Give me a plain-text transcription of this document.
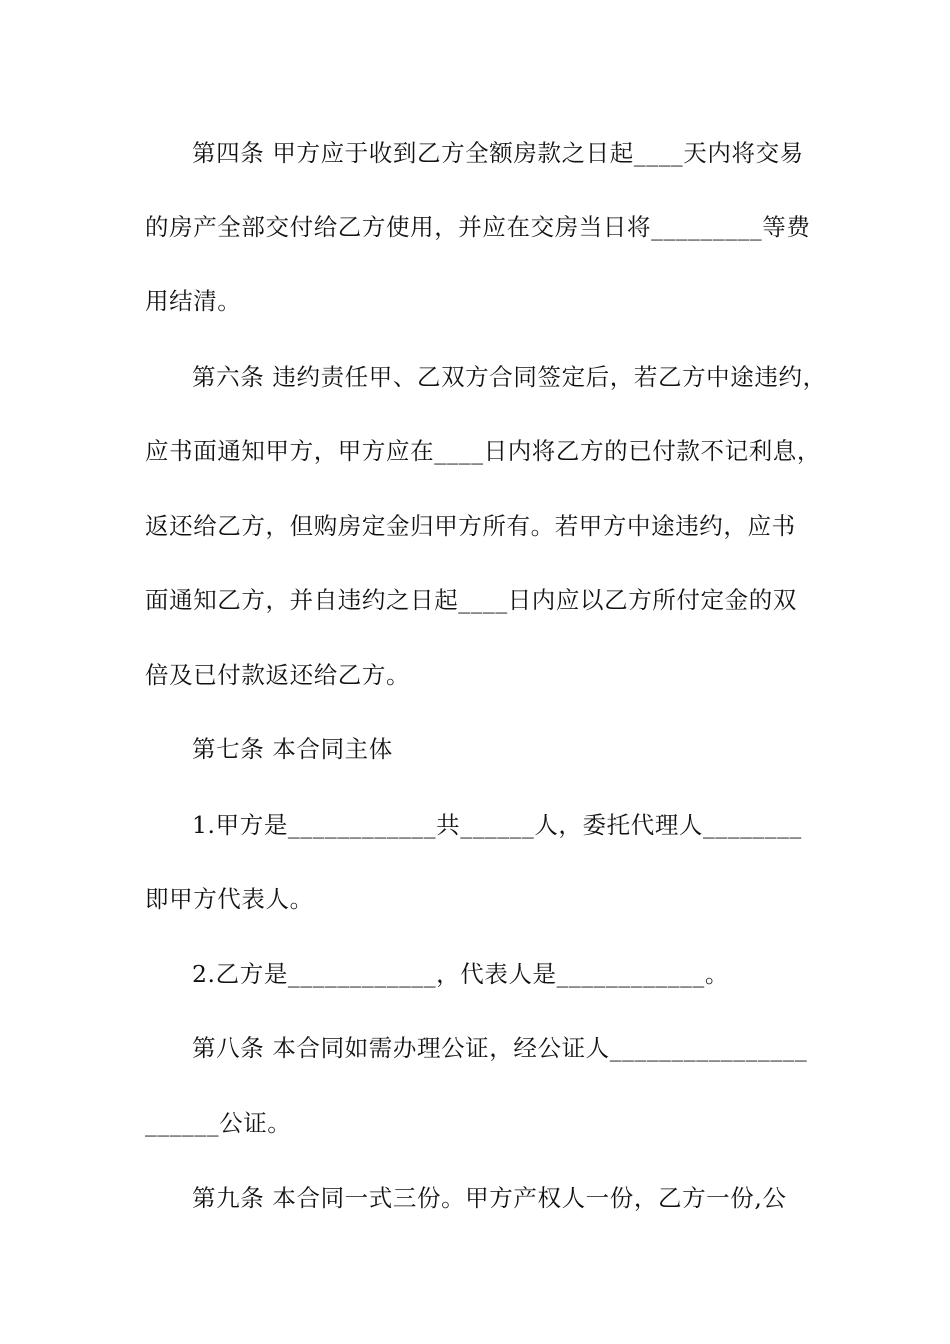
第四条 甲方应于收到乙方全额房款之日起____天内将交易
的房产全部交付给乙方使用，并应在交房当日将_________等费
用结清。
第六条 违约责任甲、乙双方合同签定后，若乙方中途违约，
应书面通知甲方，甲方应在____日内将乙方的已付款不记利息，
返还给乙方，但购房定金归甲方所有。若甲方中途违约，应书
面通知乙方，并自违约之日起____日内应以乙方所付定金的双
倍及已付款返还给乙方。
第七条 本合同主体
1.甲方是____________共______人，委托代理人________
即甲方代表人。
2.乙方是____________，代表人是____________。
第八条 本合同如需办理公证，经公证人________________
______公证。
第九条 本合同一式三份。甲方产权人一份，乙方一份,公
